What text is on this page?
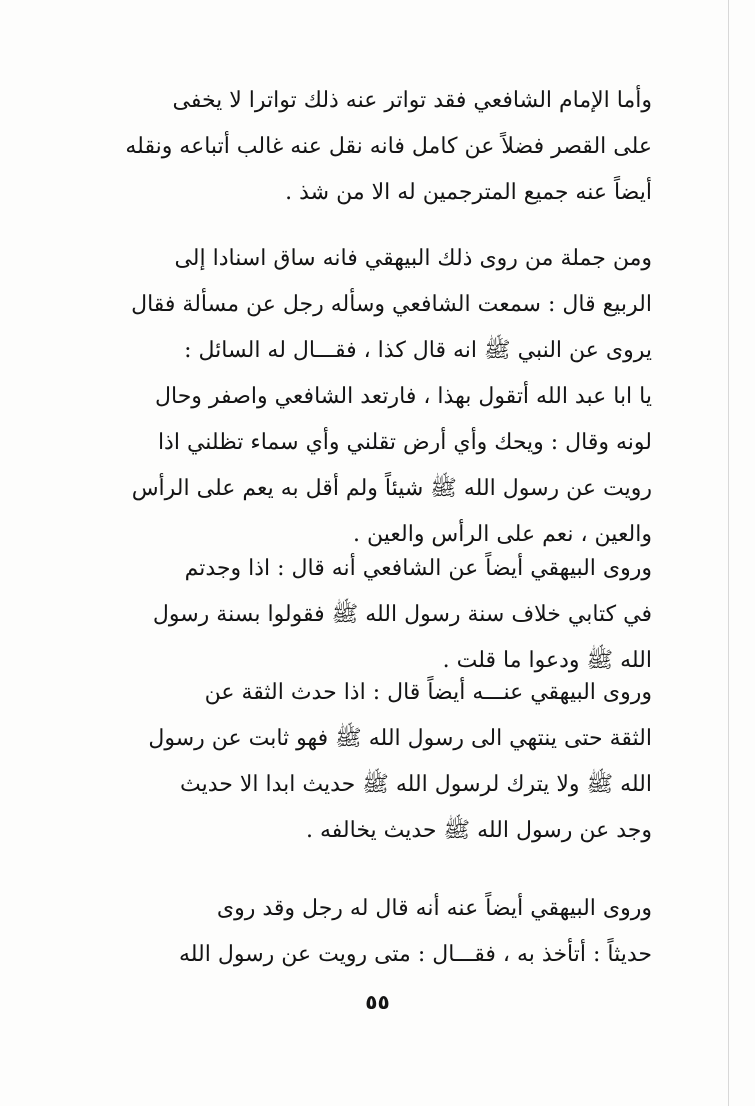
وأما الإمام الشافعي فقد تواتر عنه ذلك تواترا لا يخفى
على القصر فضلاً عن كامل فانه نقل عنه غالب أتباعه ونقله
أيضاً عنه جميع المترجمين له الا من شذ .
ومن جملة من روى ذلك البيهقي فانه ساق اسنادا إلى
الربيع قال : سمعت الشافعي وسأله رجل عن مسألة فقال
يروى عن النبي ﷺ انه قال كذا ، فقـــال له السائل :
يا ابا عبد الله أتقول بهذا ، فارتعد الشافعي واصفر وحال
لونه وقال : ويحك وأي أرض تقلني وأي سماء تظلني اذا
رويت عن رسول الله ﷺ شيئاً ولم أقل به يعم على الرأس
والعين ، نعم على الرأس والعين .
وروى البيهقي أيضاً عن الشافعي أنه قال : اذا وجدتم
في كتابي خلاف سنة رسول الله ﷺ فقولوا بسنة رسول
الله ﷺ ودعوا ما قلت .
وروى البيهقي عنـــه أيضاً قال : اذا حدث الثقة عن
الثقة حتى ينتهي الى رسول الله ﷺ فهو ثابت عن رسول
الله ﷺ ولا يترك لرسول الله ﷺ حديث ابدا الا حديث
وجد عن رسول الله ﷺ حديث يخالفه .
وروى البيهقي أيضاً عنه أنه قال له رجل وقد روى
حديثاً : أتأخذ به ، فقـــال : متى رويت عن رسول الله
٥٥
